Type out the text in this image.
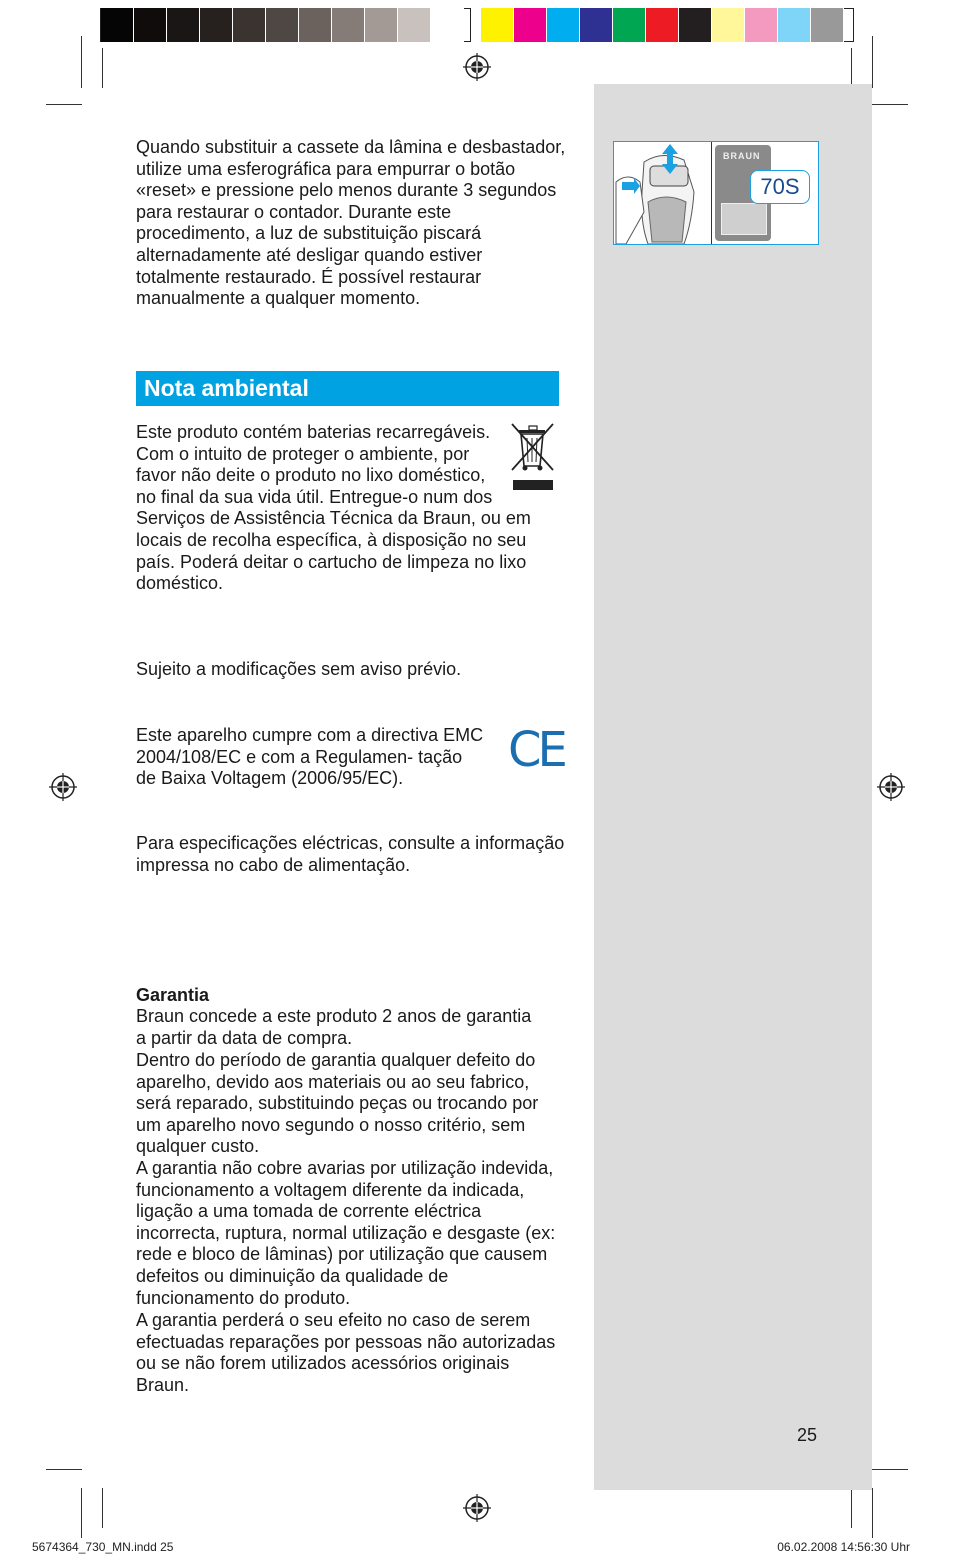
BRAUN
70S
Quando substituir a cassete da lâmina e desbastador, utilize uma esferográfica para empurrar o botão «reset» e pressione pelo menos durante 3 segundos para restaurar o contador. Durante este procedimento, a luz de substituição piscará alternadamente até desligar quando estiver totalmente restaurado. É possível restaurar manualmente a qualquer momento.
Nota ambiental
Este produto contém baterias recarregáveis. Com o intuito de proteger o ambiente, por favor não deite o produto no lixo doméstico, no final da sua vida útil. Entregue-o num dos Serviços de Assistência Técnica da Braun, ou em locais de recolha específica, à disposição no seu país. Poderá deitar o cartucho de limpeza no lixo doméstico.
Sujeito a modificações sem aviso prévio.
Este aparelho cumpre com a directiva EMC 2004/108/EC e com a Regulamen- tação de Baixa Voltagem (2006/95/EC).
CE
Para especificações eléctricas, consulte a informação impressa no cabo de alimentação.
Garantia
Braun concede a este produto 2 anos de garantia a partir da data de compra.
Dentro do período de garantia qualquer defeito do aparelho, devido aos materiais ou ao seu fabrico, será reparado, substituindo peças ou trocando por um aparelho novo segundo o nosso critério, sem qualquer custo.
A garantia não cobre avarias por utilização indevida, funcionamento a voltagem diferente da indicada, ligação a uma tomada de corrente eléctrica incorrecta, ruptura, normal utilização e desgaste (ex: rede e bloco de lâminas) por utilização que causem defeitos ou diminuição da qualidade de funcionamento do produto.
A garantia perderá o seu efeito no caso de serem efectuadas reparações por pessoas não autorizadas ou se não forem utilizados acessórios originais Braun.
25
5674364_730_MN.indd 25	06.02.2008 14:56:30 Uhr
